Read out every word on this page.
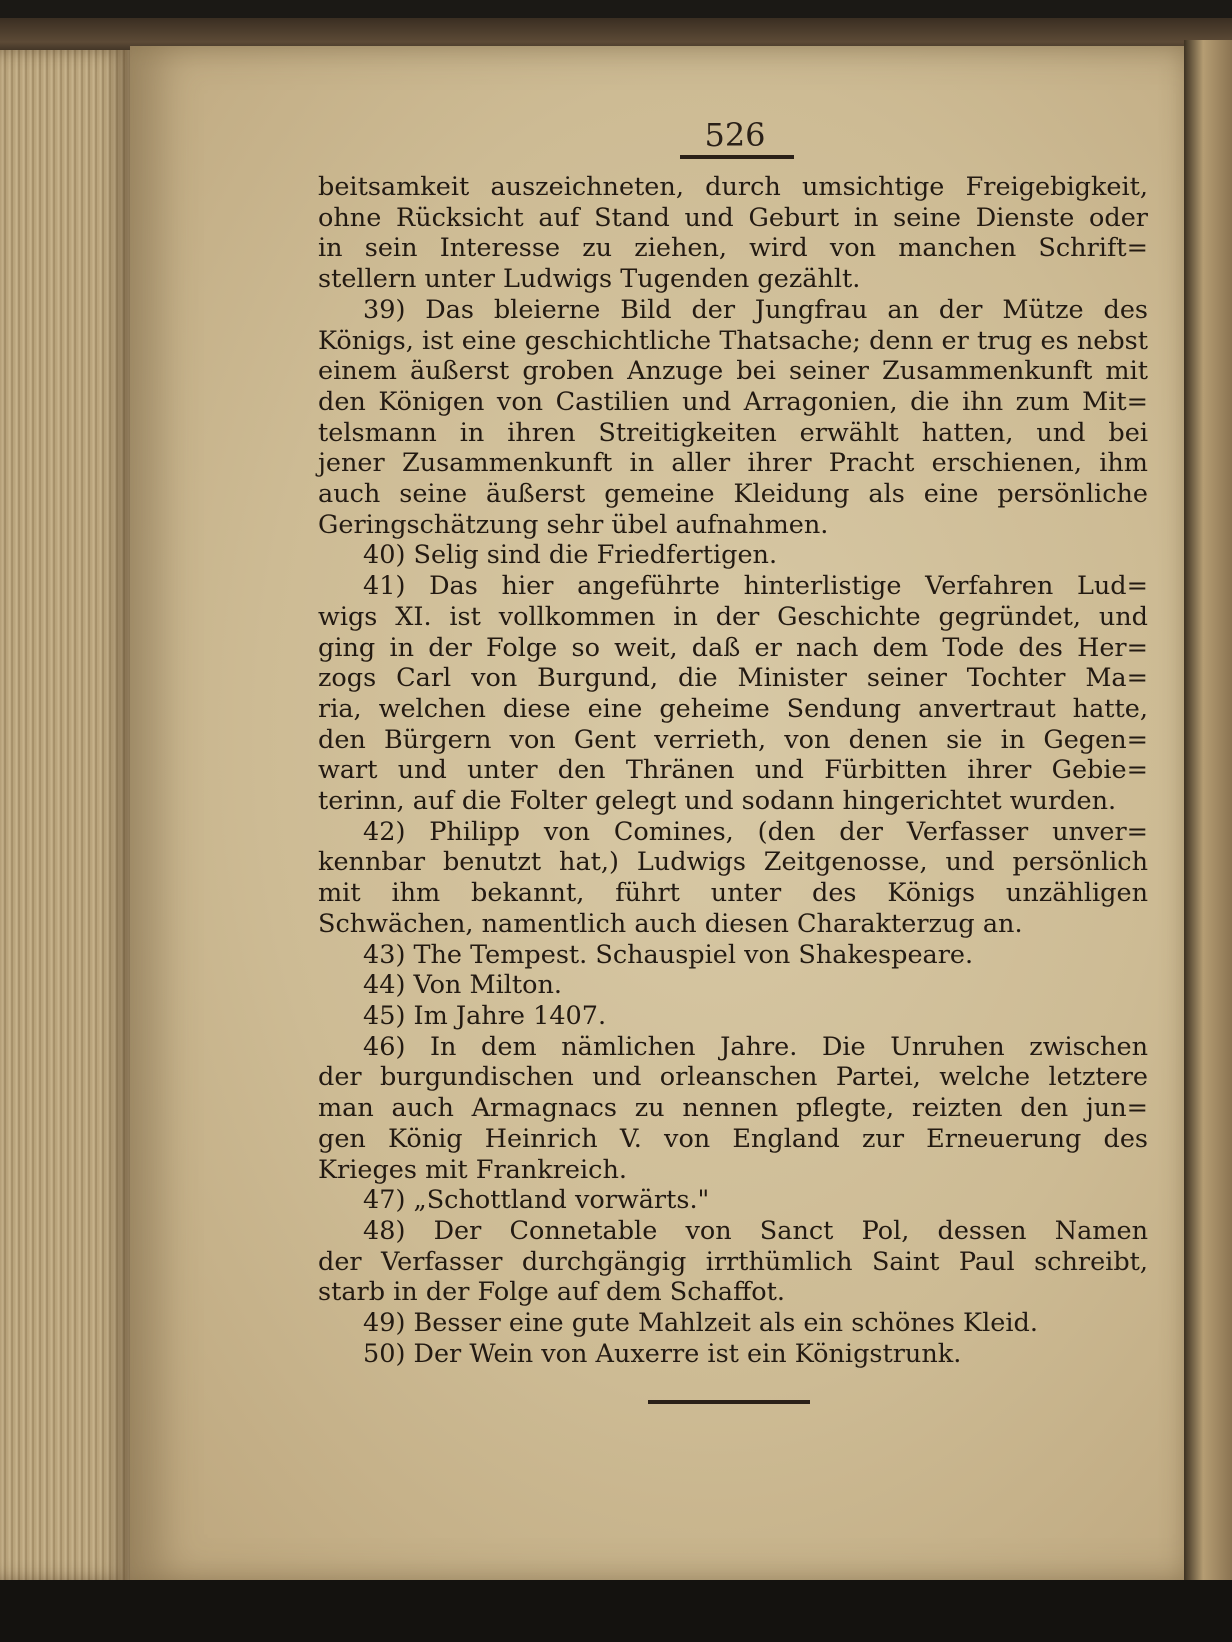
526
beitsamkeit auszeichneten, durch umsichtige Freigebigkeit,
ohne Rücksicht auf Stand und Geburt in seine Dienste oder
in sein Interesse zu ziehen, wird von manchen Schrift=
stellern unter Ludwigs Tugenden gezählt.
39) Das bleierne Bild der Jungfrau an der Mütze des
Königs, ist eine geschichtliche Thatsache; denn er trug es nebst
einem äußerst groben Anzuge bei seiner Zusammenkunft mit
den Königen von Castilien und Arragonien, die ihn zum Mit=
telsmann in ihren Streitigkeiten erwählt hatten, und bei
jener Zusammenkunft in aller ihrer Pracht erschienen, ihm
auch seine äußerst gemeine Kleidung als eine persönliche
Geringschätzung sehr übel aufnahmen.
40) Selig sind die Friedfertigen.
41) Das hier angeführte hinterlistige Verfahren Lud=
wigs XI. ist vollkommen in der Geschichte gegründet, und
ging in der Folge so weit, daß er nach dem Tode des Her=
zogs Carl von Burgund, die Minister seiner Tochter Ma=
ria, welchen diese eine geheime Sendung anvertraut hatte,
den Bürgern von Gent verrieth, von denen sie in Gegen=
wart und unter den Thränen und Fürbitten ihrer Gebie=
terinn, auf die Folter gelegt und sodann hingerichtet wurden.
42) Philipp von Comines, (den der Verfasser unver=
kennbar benutzt hat,) Ludwigs Zeitgenosse, und persönlich
mit ihm bekannt, führt unter des Königs unzähligen
Schwächen, namentlich auch diesen Charakterzug an.
43) The Tempest. Schauspiel von Shakespeare.
44) Von Milton.
45) Im Jahre 1407.
46) In dem nämlichen Jahre. Die Unruhen zwischen
der burgundischen und orleanschen Partei, welche letztere
man auch Armagnacs zu nennen pflegte, reizten den jun=
gen König Heinrich V. von England zur Erneuerung des
Krieges mit Frankreich.
47) „Schottland vorwärts."
48) Der Connetable von Sanct Pol, dessen Namen
der Verfasser durchgängig irrthümlich Saint Paul schreibt,
starb in der Folge auf dem Schaffot.
49) Besser eine gute Mahlzeit als ein schönes Kleid.
50) Der Wein von Auxerre ist ein Königstrunk.
